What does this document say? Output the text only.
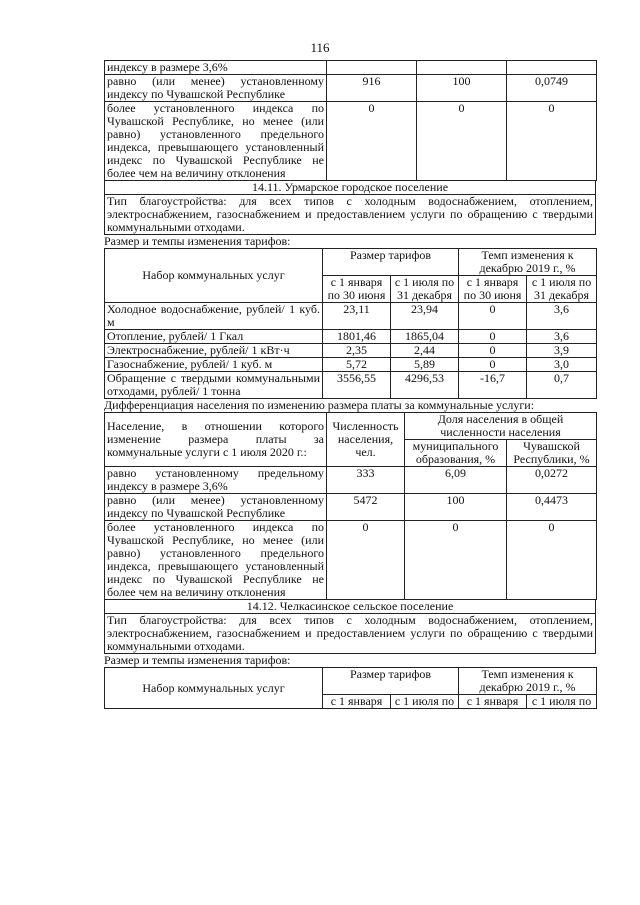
116
индексу в размере 3,6%			
равно (или менее) установленному индексу по Чувашской Республике	916	100	0,0749
более установленного индекса по Чувашской Республике, но менее (или равно) установленного предельного индекса, превышающего установленный индекс по Чувашской Республике не более чем на величину отклонения	0	0	0
14.11. Урмарское городское поселение
Тип благоустройства: для всех типов с холодным водоснабжением, отоплением, электроснабжением, газоснабжением и предоставлением услуги по обращению с твердыми коммунальными отходами.
Размер и темпы изменения тарифов:
Набор коммунальных услуг	Размер тарифов		Темп изменения к декабрю 2019 г., %	
	с 1 января по 30 июня	с 1 июля по 31 декабря	с 1 января по 30 июня	с 1 июля по 31 декабря
Холодное водоснабжение, рублей/ 1 куб. м	23,11	23,94	0	3,6
Отопление, рублей/ 1 Гкал	1801,46	1865,04	0	3,6
Электроснабжение, рублей/ 1 кВт·ч	2,35	2,44	0	3,9
Газоснабжение, рублей/ 1 куб. м	5,72	5,89	0	3,0
Обращение с твердыми коммунальными отходами, рублей/ 1 тонна	3556,55	4296,53	-16,7	0,7
Дифференциация населения по изменению размера платы за коммунальные услуги:
Население, в отношении которого изменение размера платы за коммунальные услуги с 1 июля 2020 г.:	Численность населения, чел.	Доля населения в общей численности населения	
		муниципального образования, %	Чувашской Республики, %
равно установленному предельному индексу в размере 3,6%	333	6,09	0,0272
равно (или менее) установленному индексу по Чувашской Республике	5472	100	0,4473
более установленного индекса по Чувашской Республике, но менее (или равно) установленного предельного индекса, превышающего установленный индекс по Чувашской Республике не более чем на величину отклонения	0	0	0
14.12. Челкасинское сельское поселение
Тип благоустройства: для всех типов с холодным водоснабжением, отоплением, электроснабжением, газоснабжением и предоставлением услуги по обращению с твердыми коммунальными отходами.
Размер и темпы изменения тарифов:
Набор коммунальных услуг	Размер тарифов		Темп изменения к декабрю 2019 г., %	
	с 1 января	с 1 июля по	с 1 января	с 1 июля по
